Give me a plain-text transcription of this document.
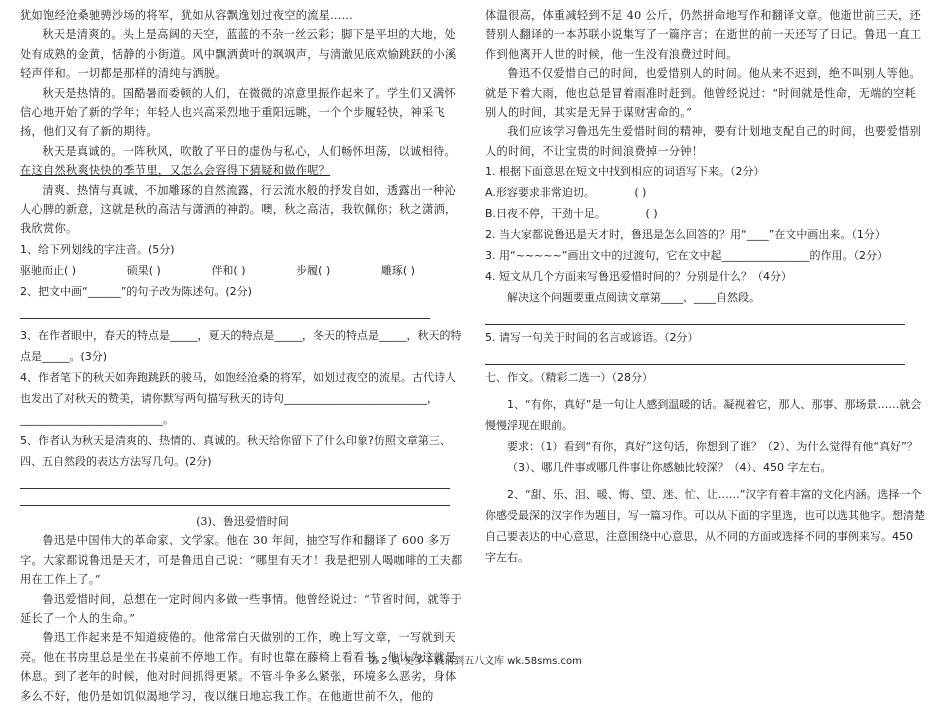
犹如饱经沧桑驰骋沙场的将军，犹如从容飘逸划过夜空的流星……

秋天是清爽的。头上是高阔的天空，蓝蓝的不杂一丝云彩；脚下是平坦的大地，处处有成熟的金黄，恬静的小街道。风中飘洒黄叶的飒飒声，与清澈见底欢愉跳跃的小溪轻声伴和。一切都是那样的清纯与洒脱。

秋天是热情的。国酷暑而委顿的人们，在微微的凉意里振作起来了。学生们又满怀信心地开始了新的学年；年轻人也兴高采烈地于重阳远眺，一个个步履轻快，神采飞扬，他们又有了新的期待。

秋天是真诚的。一阵秋风，吹散了平日的虚伪与私心，人们畅怀坦荡，以诚相待。

在这自然秋爽快快的季节里，又怎么会容得下猜疑和做作呢？

清爽、热情与真诚，不加雕琢的自然流露，行云流水般的抒发自如，透露出一种沁人心脾的新意，这就是秋的高洁与潇洒的神韵。噢，秋之高洁，我钦佩你；秋之潇洒，我欣赏你。

1、给下列划线的字注音。(5分)

驱驰而止( )	硕果( )	伴和( )	步履( )	雕琢( )

2、把文中画“______”的句子改为陈述句。(2分)

3、在作者眼中，春天的特点是_____，夏天的特点是_____，冬天的特点是_____，秋天的特点是_____。(3分)

4、作者笔下的秋天如奔跑跳跃的骏马，如饱经沧桑的将军，如划过夜空的流星。古代诗人也发出了对秋天的赞美，请你默写两句描写秋天的诗句__________________________，__________________________。

5、作者认为秋天是清爽的、热情的、真诚的。秋天给你留下了什么印象?仿照文章第三、四、五自然段的表达方法写几句。(2分)

(3)、鲁迅爱惜时间

鲁迅是中国伟大的革命家、文学家。他在 30 年间，抽空写作和翻译了 600 多万字。大家都说鲁迅是天才，可是鲁迅自己说：“哪里有天才！我是把别人喝咖啡的工夫都用在工作上了。”

鲁迅爱惜时间，总想在一定时间内多做一些事情。他曾经说过：“节省时间，就等于延长了一个人的生命。”

鲁迅工作起来是不知道疲倦的。他常常白天做别的工作，晚上写文章，一写就到天亮。他在书房里总是坐在书桌前不停地工作。有时也靠在藤椅上看看书，他认为这就是休息。到了老年的时候，他对时间抓得更紧。不管斗争多么紧张，环境多么恶劣，身体多么不好，他仍是如饥似渴地学习，夜以继日地忘我工作。在他逝世前不久，他的

体温很高，体重减轻到不足 40 公斤，仍然拼命地写作和翻译文章。他逝世前三天，还替别人翻译的一本苏联小说集写了一篇序言；在逝世的前一天还写了日记。鲁迅一直工作到他离开人世的时候，他一生没有浪费过时间。

鲁迅不仅爱惜自己的时间，也爱惜别人的时间。他从来不迟到，绝不叫别人等他。就是下着大雨，他也总是冒着雨准时赶到。他曾经说过：“时间就是性命，无端的空耗别人的时间，其实是无异于谋财害命的。”

我们应该学习鲁迅先生爱惜时间的精神，要有计划地支配自己的时间，也要爱惜别人的时间，不让宝贵的时间浪费掉一分钟！

1. 根据下面意思在短文中找到相应的词语写下来。（2分）

A.形容要求非常迫切。	( )

B.日夜不停，干劲十足。	( )

2. 当大家都说鲁迅是天才时，鲁迅是怎么回答的？用“____”在文中画出来。（1分）

3. 用“~~~~~”画出文中的过渡句，它在文中起________________的作用。（2分）

4. 短文从几个方面来写鲁迅爱惜时间的？分别是什么？（4分）

解决这个问题要重点阅读文章第____、____自然段。

5. 请写一句关于时间的名言或谚语。（2分）

七、作文。（精彩二选一）（28分）

1、“有你，真好”是一句让人感到温暖的话。凝视着它，那人、那事、那场景……就会慢慢浮现在眼前。

要求：（1）看到“有你，真好”这句话，你想到了谁？（2）、为什么觉得有他“真好”？

（3）、哪几件事或哪几件事让你感触比较深？（4）、450 字左右。

2、“甜、乐、泪、暖、悔、望、迷、忙、让……”汉字有着丰富的文化内涵。选择一个你感受最深的汉字作为题目，写一篇习作。可以从下面的字里选，也可以选其他字。想清楚自己要表达的中心意思，注意围绕中心意思，从不同的方面或选择不同的事例来写。450 字左右。

第 2 页 更多下载请到五八文库 wk.58sms.com
